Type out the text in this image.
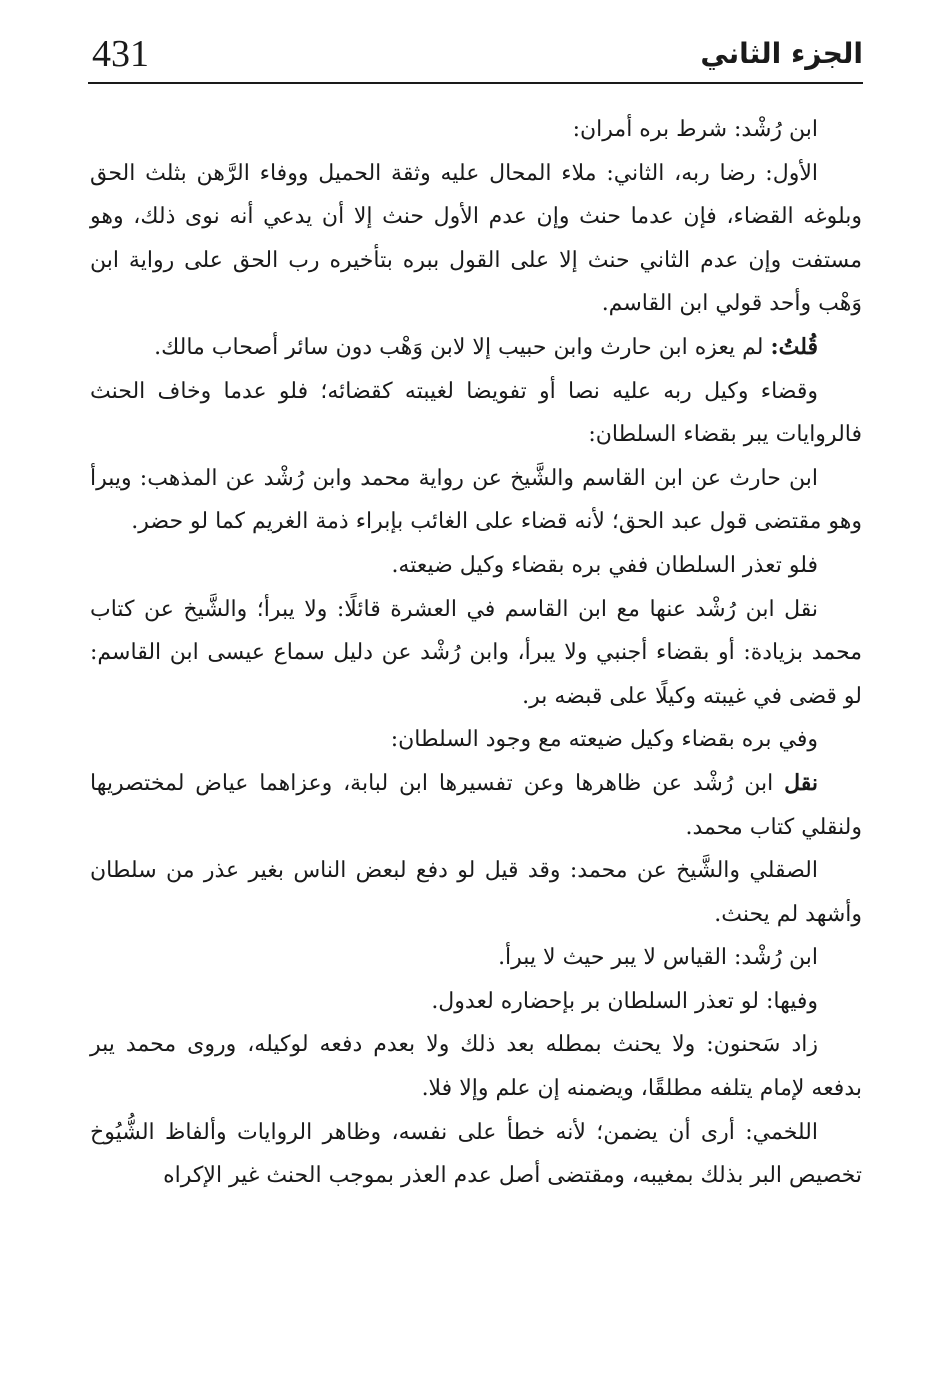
431	الجزء الثاني

ابن رُشْد: شرط بره أمران:

الأول: رضا ربه، الثاني: ملاء المحال عليه وثقة الحميل ووفاء الرَّهن بثلث الحق وبلوغه القضاء، فإن عدما حنث وإن عدم الأول حنث إلا أن يدعي أنه نوى ذلك، وهو مستفت وإن عدم الثاني حنث إلا على القول ببره بتأخيره رب الحق على رواية ابن وَهْب وأحد قولي ابن القاسم.

قُلتُ: لم يعزه ابن حارث وابن حبيب إلا لابن وَهْب دون سائر أصحاب مالك.

وقضاء وكيل ربه عليه نصا أو تفويضا لغيبته كقضائه؛ فلو عدما وخاف الحنث فالروايات يبر بقضاء السلطان:

ابن حارث عن ابن القاسم والشَّيخ عن رواية محمد وابن رُشْد عن المذهب: ويبرأ وهو مقتضى قول عبد الحق؛ لأنه قضاء على الغائب بإبراء ذمة الغريم كما لو حضر.

فلو تعذر السلطان ففي بره بقضاء وكيل ضيعته.

نقل ابن رُشْد عنها مع ابن القاسم في العشرة قائلًا: ولا يبرأ؛ والشَّيخ عن كتاب محمد بزيادة: أو بقضاء أجنبي ولا يبرأ، وابن رُشْد عن دليل سماع عيسى ابن القاسم: لو قضى في غيبته وكيلًا على قبضه بر.

وفي بره بقضاء وكيل ضيعته مع وجود السلطان:

نقل ابن رُشْد عن ظاهرها وعن تفسيرها ابن لبابة، وعزاهما عياض لمختصريها ولنقلي كتاب محمد.

الصقلي والشَّيخ عن محمد: وقد قيل لو دفع لبعض الناس بغير عذر من سلطان وأشهد لم يحنث.

ابن رُشْد: القياس لا يبر حيث لا يبرأ.

وفيها: لو تعذر السلطان بر بإحضاره لعدول.

زاد سَحنون: ولا يحنث بمطله بعد ذلك ولا بعدم دفعه لوكيله، وروى محمد يبر بدفعه لإمام يتلفه مطلقًا، ويضمنه إن علم وإلا فلا.

اللخمي: أرى أن يضمن؛ لأنه خطأ على نفسه، وظاهر الروايات وألفاظ الشُّيُوخ تخصيص البر بذلك بمغيبه، ومقتضى أصل عدم العذر بموجب الحنث غير الإكراه
